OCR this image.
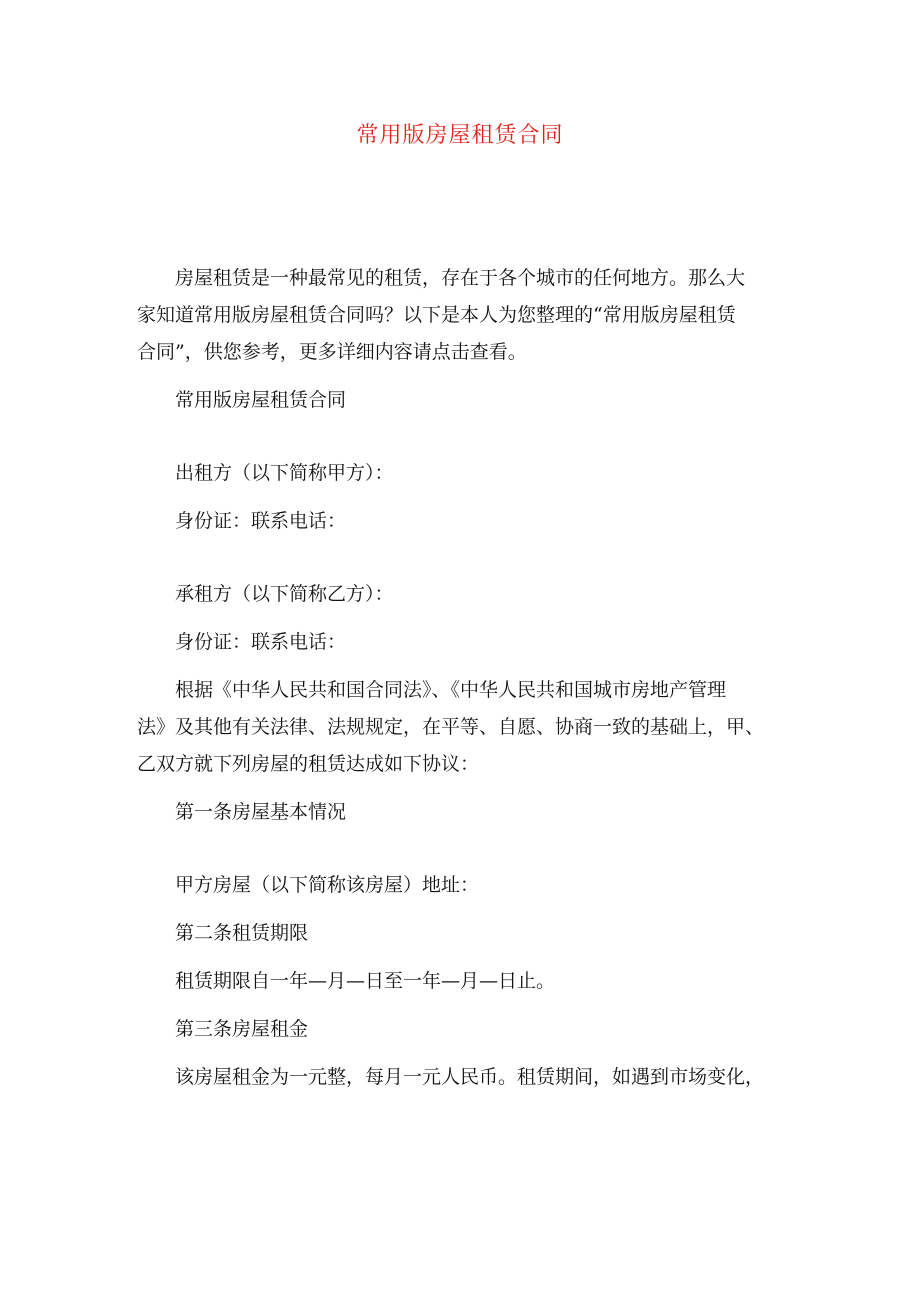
常用版房屋租赁合同

房屋租赁是一种最常见的租赁，存在于各个城市的任何地方。那么大

家知道常用版房屋租赁合同吗？以下是本人为您整理的“常用版房屋租赁

合同”，供您参考，更多详细内容请点击查看。

常用版房屋租赁合同

出租方（以下简称甲方）：

身份证：联系电话：

承租方（以下简称乙方）：

身份证：联系电话：

根据《中华人民共和国合同法》、《中华人民共和国城市房地产管理

法》及其他有关法律、法规规定，在平等、自愿、协商一致的基础上，甲、

乙双方就下列房屋的租赁达成如下协议：

第一条房屋基本情况

甲方房屋（以下简称该房屋）地址：

第二条租赁期限

租赁期限自一年—月—日至一年—月—日止。

第三条房屋租金

该房屋租金为一元整，每月一元人民币。租赁期间，如遇到市场变化，
